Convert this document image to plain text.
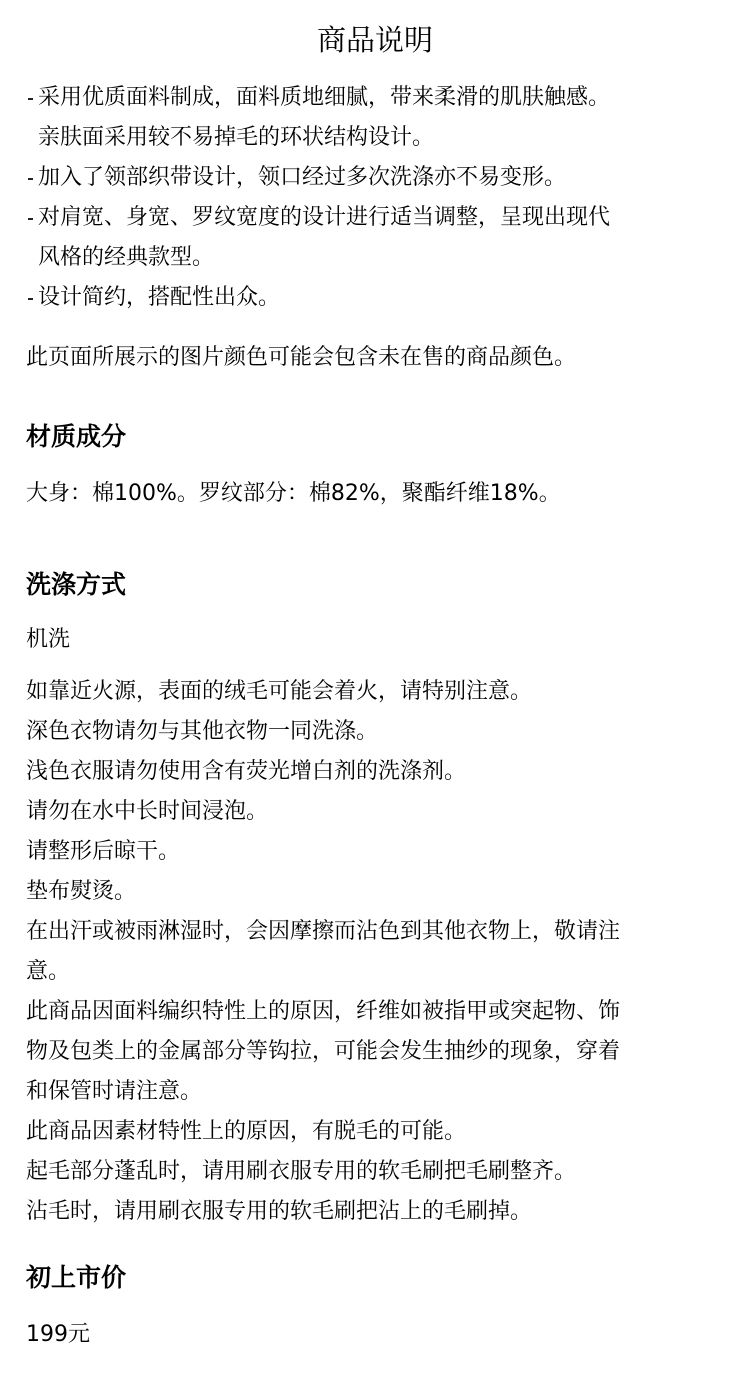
商品说明
采用优质面料制成，面料质地细腻，带来柔滑的肌肤触感。
亲肤面采用较不易掉毛的环状结构设计。
加入了领部织带设计，领口经过多次洗涤亦不易变形。
对肩宽、身宽、罗纹宽度的设计进行适当调整，呈现出现代
风格的经典款型。
设计简约，搭配性出众。
此页面所展示的图片颜色可能会包含未在售的商品颜色。
材质成分
大身：棉100%。罗纹部分：棉82%，聚酯纤维18%。
洗涤方式
机洗
如靠近火源，表面的绒毛可能会着火，请特别注意。
深色衣物请勿与其他衣物一同洗涤。
浅色衣服请勿使用含有荧光增白剂的洗涤剂。
请勿在水中长时间浸泡。
请整形后晾干。
垫布熨烫。
在出汗或被雨淋湿时，会因摩擦而沾色到其他衣物上，敬请注
意。
此商品因面料编织特性上的原因，纤维如被指甲或突起物、饰
物及包类上的金属部分等钩拉，可能会发生抽纱的现象，穿着
和保管时请注意。
此商品因素材特性上的原因，有脱毛的可能。
起毛部分蓬乱时，请用刷衣服专用的软毛刷把毛刷整齐。
沾毛时，请用刷衣服专用的软毛刷把沾上的毛刷掉。
初上市价
199元
